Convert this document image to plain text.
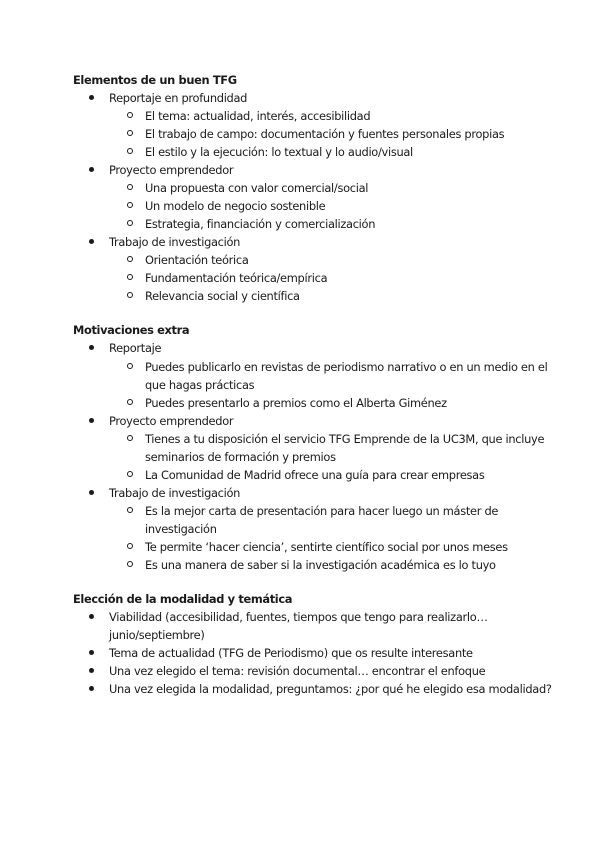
Elementos de un buen TFG
Reportaje en profundidad
El tema: actualidad, interés, accesibilidad
El trabajo de campo: documentación y fuentes personales propias
El estilo y la ejecución: lo textual y lo audio/visual
Proyecto emprendedor
Una propuesta con valor comercial/social
Un modelo de negocio sostenible
Estrategia, financiación y comercialización
Trabajo de investigación
Orientación teórica
Fundamentación teórica/empírica
Relevancia social y científica
Motivaciones extra
Reportaje
Puedes publicarlo en revistas de periodismo narrativo o en un medio en el
que hagas prácticas
Puedes presentarlo a premios como el Alberta Giménez
Proyecto emprendedor
Tienes a tu disposición el servicio TFG Emprende de la UC3M, que incluye
seminarios de formación y premios
La Comunidad de Madrid ofrece una guía para crear empresas
Trabajo de investigación
Es la mejor carta de presentación para hacer luego un máster de
investigación
Te permite ‘hacer ciencia’, sentirte científico social por unos meses
Es una manera de saber si la investigación académica es lo tuyo
Elección de la modalidad y temática
Viabilidad (accesibilidad, fuentes, tiempos que tengo para realizarlo…
junio/septiembre)
Tema de actualidad (TFG de Periodismo) que os resulte interesante
Una vez elegido el tema: revisión documental… encontrar el enfoque
Una vez elegida la modalidad, preguntamos: ¿por qué he elegido esa modalidad?
